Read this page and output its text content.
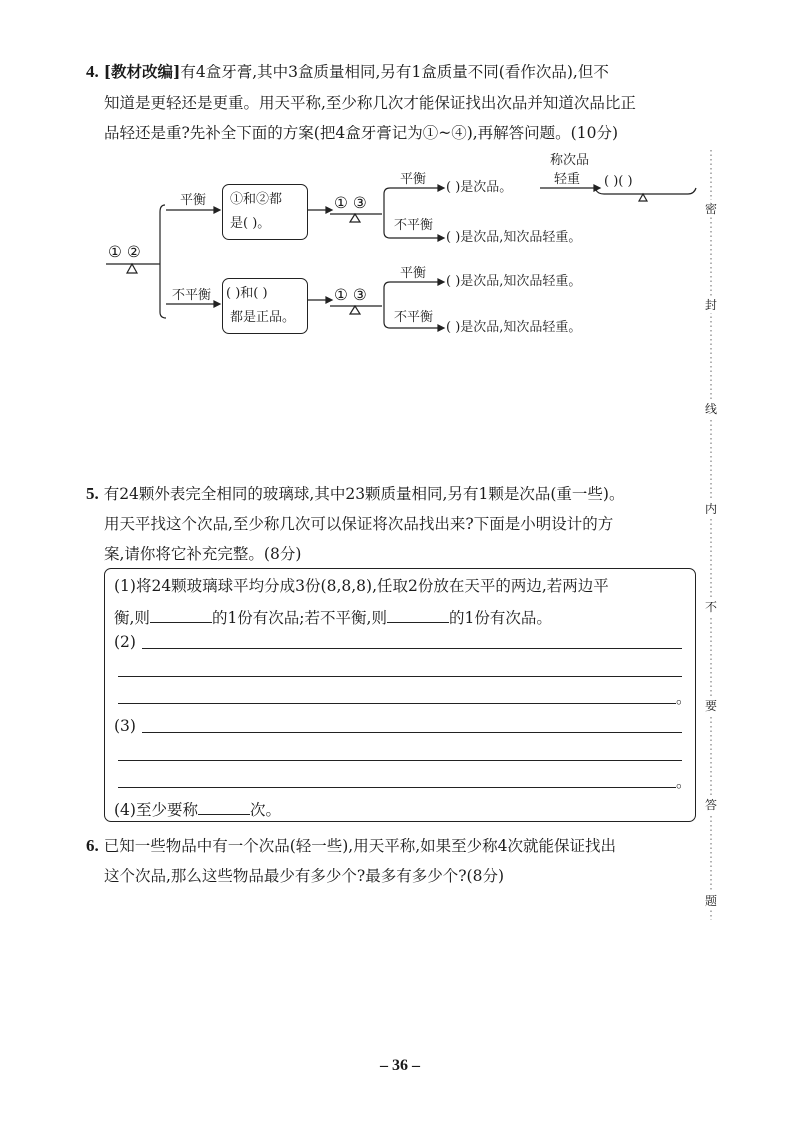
4. [教材改编]有4盒牙膏,其中3盒质量相同,另有1盒质量不同(看作次品),但不
知道是更轻还是更重。用天平称,至少称几次才能保证找出次品并知道次品比正
品轻还是重?先补全下面的方案(把4盒牙膏记为①~④),再解答问题。(10分)
① ②
平衡
不平衡
①和②都
是( )。
( )和( )
都是正品。
① ③
① ③
平衡
不平衡
平衡
不平衡
( )是次品。
称次品
轻重 ( )( )
( )是次品,知次品轻重。
( )是次品,知次品轻重。
( )是次品,知次品轻重。
5. 有24颗外表完全相同的玻璃球,其中23颗质量相同,另有1颗是次品(重一些)。
用天平找这个次品,至少称几次可以保证将次品找出来?下面是小明设计的方
案,请你将它补充完整。(8分)
(1)将24颗玻璃球平均分成3份(8,8,8),任取2份放在天平的两边,若两边平
衡,则	的1份有次品;若不平衡,则	的1份有次品。
(2)
。
(3)
。
(4)至少要称	次。
6. 已知一些物品中有一个次品(轻一些),用天平称,如果至少称4次就能保证找出
这个次品,那么这些物品最少有多少个?最多有多少个?(8分)
密
封
线
内
不
要
答
题
– 36 –
